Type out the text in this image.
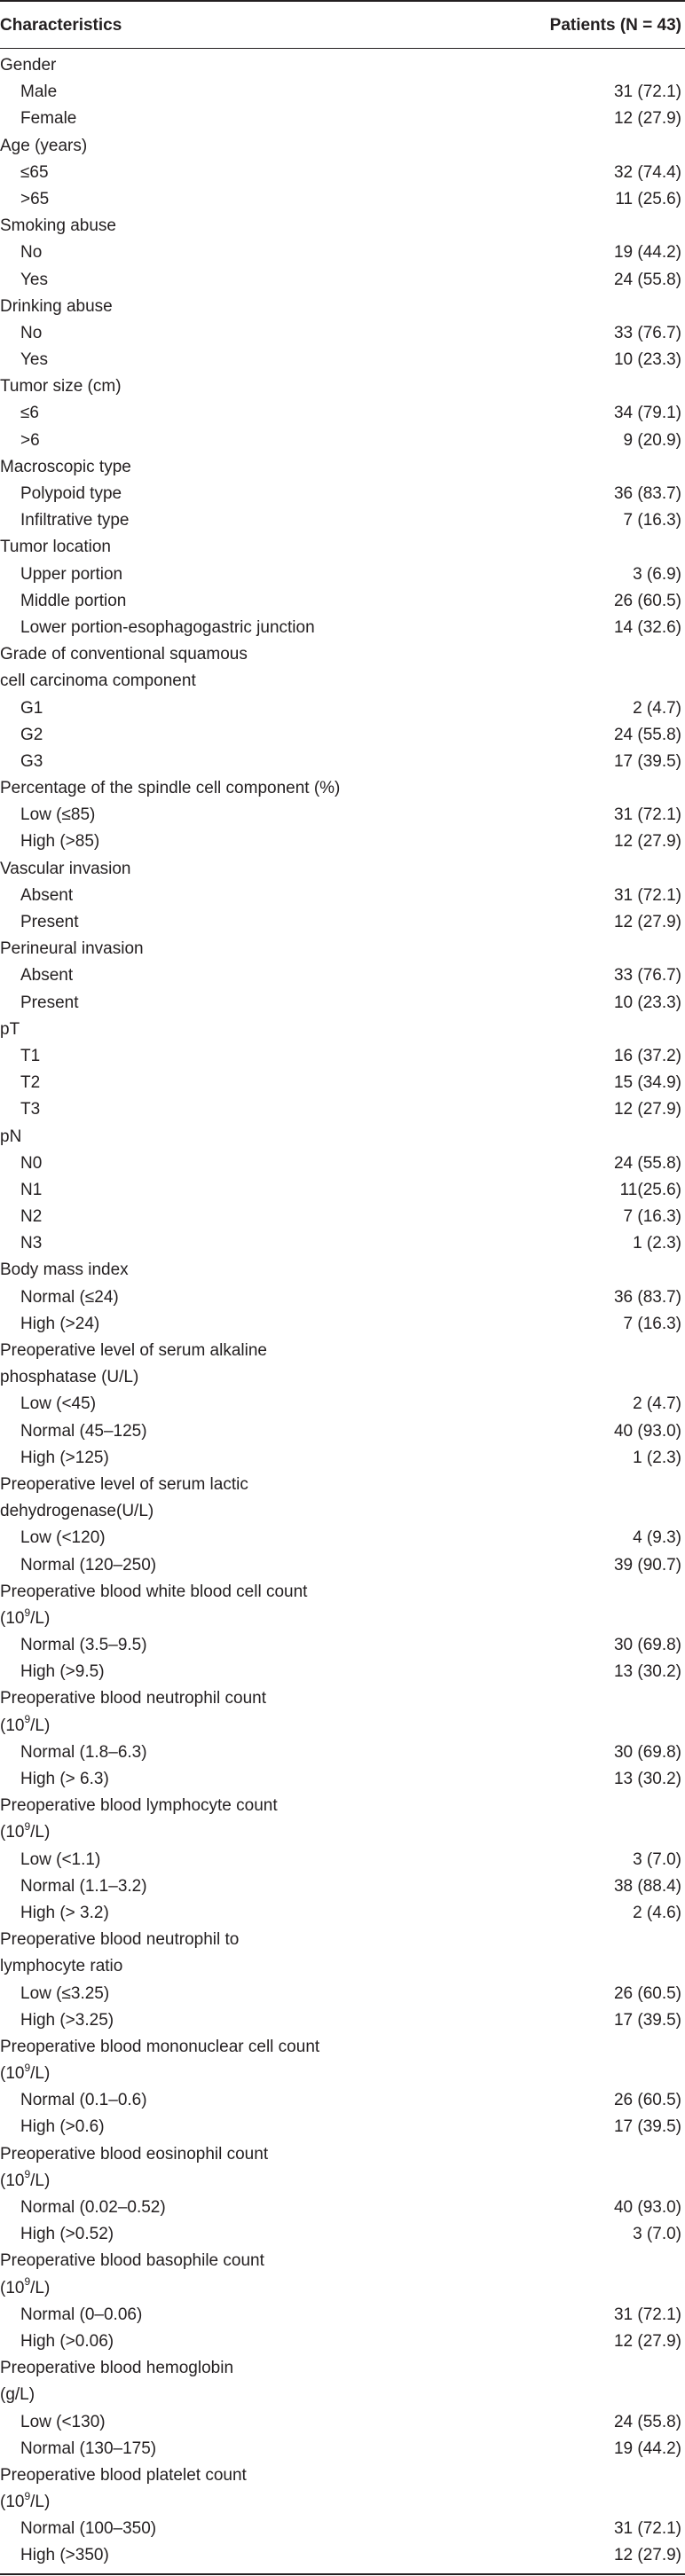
Characteristics	Patients (N = 43)
Gender
Male	31 (72.1)
Female	12 (27.9)
Age (years)
≤65	32 (74.4)
>65	11 (25.6)
Smoking abuse
No	19 (44.2)
Yes	24 (55.8)
Drinking abuse
No	33 (76.7)
Yes	10 (23.3)
Tumor size (cm)
≤6	34 (79.1)
>6	9 (20.9)
Macroscopic type
Polypoid type	36 (83.7)
Infiltrative type	7 (16.3)
Tumor location
Upper portion	3 (6.9)
Middle portion	26 (60.5)
Lower portion-esophagogastric junction	14 (32.6)
Grade of conventional squamous
cell carcinoma component
G1	2 (4.7)
G2	24 (55.8)
G3	17 (39.5)
Percentage of the spindle cell component (%)
Low (≤85)	31 (72.1)
High (>85)	12 (27.9)
Vascular invasion
Absent	31 (72.1)
Present	12 (27.9)
Perineural invasion
Absent	33 (76.7)
Present	10 (23.3)
pT
T1	16 (37.2)
T2	15 (34.9)
T3	12 (27.9)
pN
N0	24 (55.8)
N1	11(25.6)
N2	7 (16.3)
N3	1 (2.3)
Body mass index
Normal (≤24)	36 (83.7)
High (>24)	7 (16.3)
Preoperative level of serum alkaline
phosphatase (U/L)
Low (<45)	2 (4.7)
Normal (45–125)	40 (93.0)
High (>125)	1 (2.3)
Preoperative level of serum lactic
dehydrogenase(U/L)
Low (<120)	4 (9.3)
Normal (120–250)	39 (90.7)
Preoperative blood white blood cell count
$(10^9/L)$
Normal (3.5–9.5)	30 (69.8)
High (>9.5)	13 (30.2)
Preoperative blood neutrophil count
$(10^9/L)$
Normal (1.8–6.3)	30 (69.8)
High (> 6.3)	13 (30.2)
Preoperative blood lymphocyte count
$(10^9/L)$
Low (<1.1)	3 (7.0)
Normal (1.1–3.2)	38 (88.4)
High (> 3.2)	2 (4.6)
Preoperative blood neutrophil to
lymphocyte ratio
Low (≤3.25)	26 (60.5)
High (>3.25)	17 (39.5)
Preoperative blood mononuclear cell count
$(10^9/L)$
Normal (0.1–0.6)	26 (60.5)
High (>0.6)	17 (39.5)
Preoperative blood eosinophil count
$(10^9/L)$
Normal (0.02–0.52)	40 (93.0)
High (>0.52)	3 (7.0)
Preoperative blood basophile count
$(10^9/L)$
Normal (0–0.06)	31 (72.1)
High (>0.06)	12 (27.9)
Preoperative blood hemoglobin
(g/L)
Low (<130)	24 (55.8)
Normal (130–175)	19 (44.2)
Preoperative blood platelet count
$(10^9/L)$
Normal (100–350)	31 (72.1)
High (>350)	12 (27.9)
